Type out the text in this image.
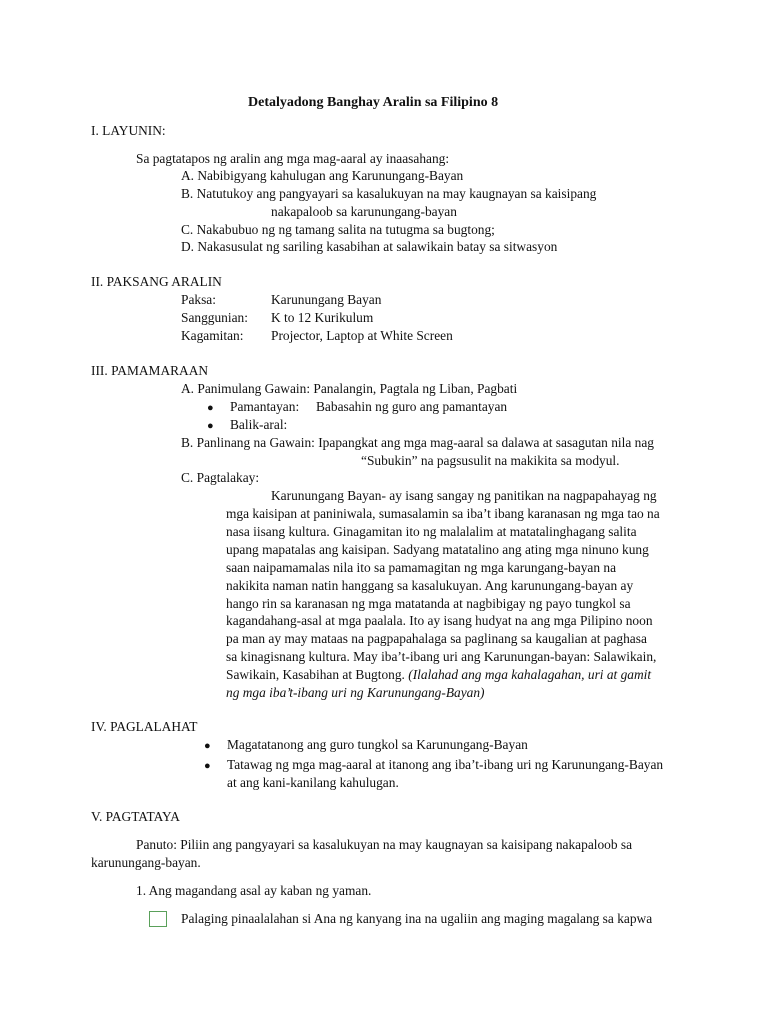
Detalyadong Banghay Aralin sa Filipino 8
I. LAYUNIN:
Sa pagtatapos ng aralin ang mga mag-aaral ay inaasahang:
A. Nabibigyang kahulugan ang Karunungang-Bayan
B. Natutukoy ang pangyayari sa kasalukuyan na may kaugnayan sa kaisipang
nakapaloob sa karunungang-bayan
C. Nakabubuo ng ng tamang salita na tutugma sa bugtong;
D. Nakasusulat ng sariling kasabihan at salawikain batay sa sitwasyon
II. PAKSANG ARALIN
Paksa:	Karunungang Bayan
Sanggunian: K to 12 Kurikulum
Kagamitan: Projector, Laptop at White Screen
III. PAMAMARAAN
A. Panimulang Gawain: Panalangin, Pagtala ng Liban, Pagbati
● Pamantayan: Babasahin ng guro ang pamantayan
● Balik-aral:
B. Panlinang na Gawain: Ipapangkat ang mga mag-aaral sa dalawa at sasagutan nila nag
“Subukin” na pagsusulit na makikita sa modyul.
C. Pagtalakay:
Karunungang Bayan- ay isang sangay ng panitikan na nagpapahayag ng
mga kaisipan at paniniwala, sumasalamin sa iba’t ibang karanasan ng mga tao na
nasa iisang kultura. Ginagamitan ito ng malalalim at matatalinghagang salita
upang mapatalas ang kaisipan. Sadyang matatalino ang ating mga ninuno kung
saan naipamamalas nila ito sa pamamagitan ng mga karungang-bayan na
nakikita naman natin hanggang sa kasalukuyan. Ang karunungang-bayan ay
hango rin sa karanasan ng mga matatanda at nagbibigay ng payo tungkol sa
kagandahang-asal at mga paalala. Ito ay isang hudyat na ang mga Pilipino noon
pa man ay may mataas na pagpapahalaga sa paglinang sa kaugalian at paghasa
sa kinagisnang kultura. May iba’t-ibang uri ang Karunungan-bayan: Salawikain,
Sawikain, Kasabihan at Bugtong. (Ilalahad ang mga kahalagahan, uri at gamit
ng mga iba’t-ibang uri ng Karunungang-Bayan)
IV. PAGLALAHAT
● Magatatanong ang guro tungkol sa Karunungang-Bayan
● Tatawag ng mga mag-aaral at itanong ang iba’t-ibang uri ng Karunungang-Bayan
at ang kani-kanilang kahulugan.
V. PAGTATAYA
Panuto: Piliin ang pangyayari sa kasalukuyan na may kaugnayan sa kaisipang nakapaloob sa
karunungang-bayan.
1. Ang magandang asal ay kaban ng yaman.
Palaging pinaalalahan si Ana ng kanyang ina na ugaliin ang maging magalang sa kapwa
